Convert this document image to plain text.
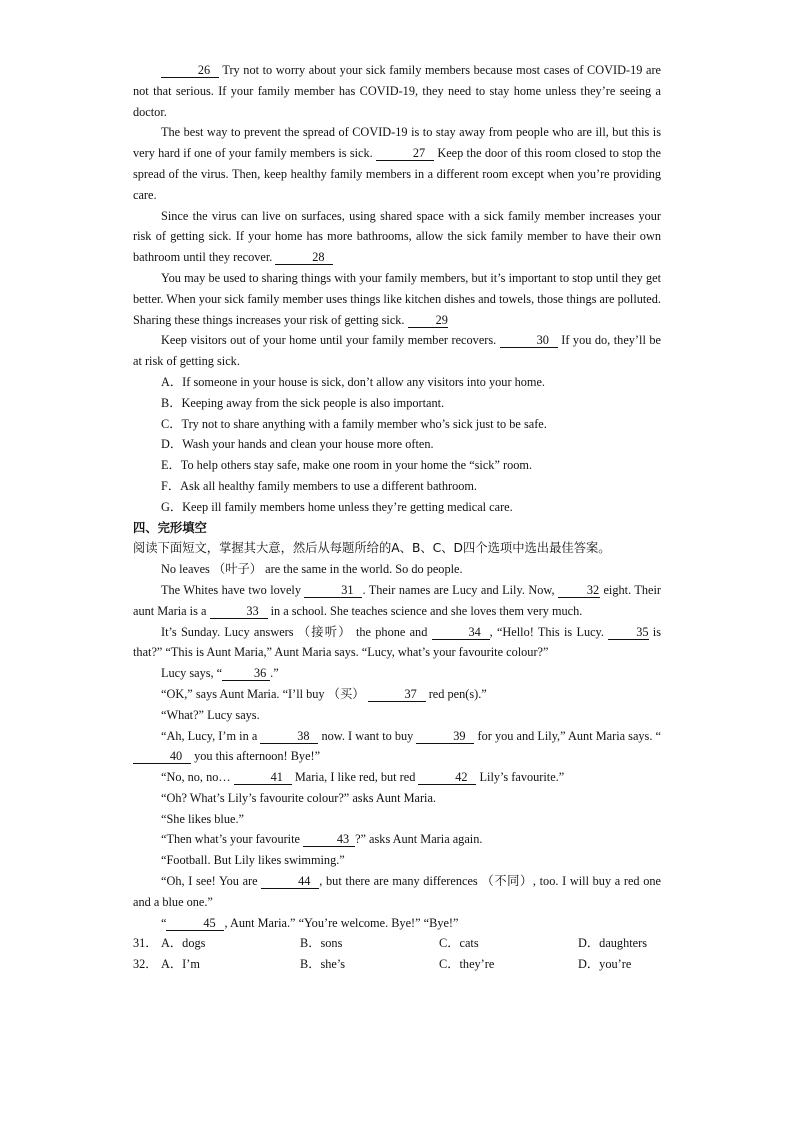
26 Try not to worry about your sick family members because most cases of COVID-19 are not that serious. If your family member has COVID-19, they need to stay home unless they’re seeing a doctor.

The best way to prevent the spread of COVID-19 is to stay away from people who are ill, but this is very hard if one of your family members is sick.	27 Keep the door of this room closed to stop the spread of the virus. Then, keep healthy family members in a different room except when you’re providing care.

Since the virus can live on surfaces, using shared space with a sick family member increases your risk of getting sick. If your home has more bathrooms, allow the sick family member to have their own bathroom until they recover.	28

You may be used to sharing things with your family members, but it’s important to stop until they get better. When your sick family member uses things like kitchen dishes and towels, those things are polluted. Sharing these things increases your risk of getting sick. 29

Keep visitors out of your home until your family member recovers.	30 If you do, they’ll be at risk of getting sick.

A．If someone in your house is sick, don’t allow any visitors into your home.

B．Keeping away from the sick people is also important.

C．Try not to share anything with a family member who’s sick just to be safe.

D．Wash your hands and clean your house more often.

E．To help others stay safe, make one room in your home the “sick” room.

F．Ask all healthy family members to use a different bathroom.

G．Keep ill family members home unless they’re getting medical care.

四、完形填空

阅读下面短文，掌握其大意，然后从每题所给的A、B、C、D四个选项中选出最佳答案。

No leaves （叶子） are the same in the world. So do people.

The Whites have two lovely	31 . Their names are Lucy and Lily. Now, 32 eight. Their aunt Maria is a	33 in a school. She teaches science and she loves them very much.

It’s Sunday. Lucy answers （接听） the phone and	34 , “Hello! This is Lucy. 35 is that?” “This is Aunt Maria,” Aunt Maria says. “Lucy, what’s your favourite colour?”

Lucy says, “	36 .”

“OK,” says Aunt Maria. “I’ll buy （买）	37 red pen(s).”

“What?” Lucy says.

“Ah, Lucy, I’m in a	38 now. I want to buy	39 for you and Lily,” Aunt Maria says. “40 you this afternoon! Bye!”

“No, no, no…	41 Maria, I like red, but red	42 Lily’s favourite.”

“Oh? What’s Lily’s favourite colour?” asks Aunt Maria.

“She likes blue.”

“Then what’s your favourite	43 ?” asks Aunt Maria again.

“Football. But Lily likes swimming.”

“Oh, I see! You are	44 , but there are many differences （不同）, too. I will buy a red one and a blue one.”

“	45 , Aunt Maria.” “You’re welcome. Bye!” “Bye!”

31． A．dogs	B．sons	C．cats	D．daughters
32． A．I’m	B．she’s	C．they’re	D．you’re
